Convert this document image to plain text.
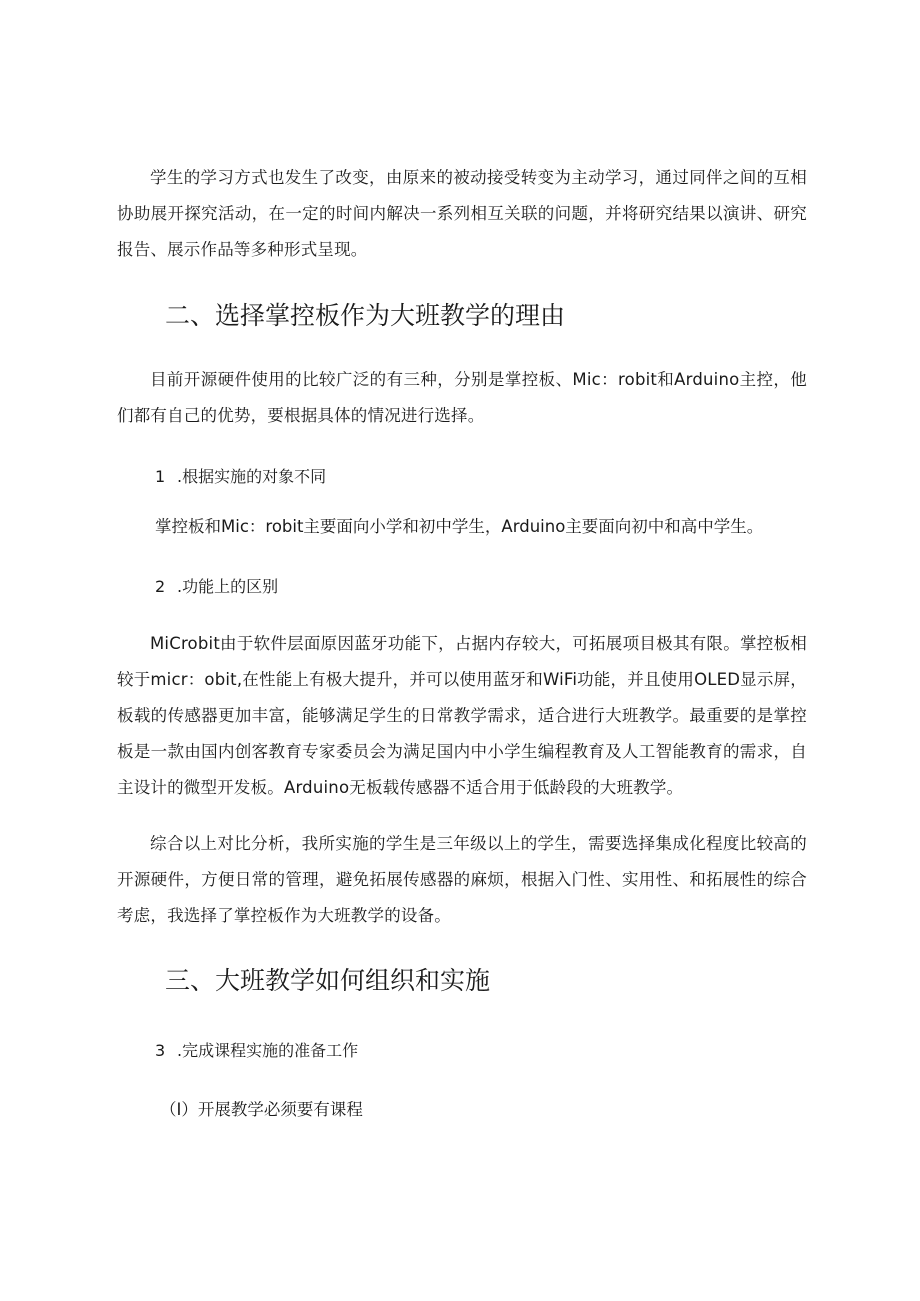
学生的学习方式也发生了改变，由原来的被动接受转变为主动学习，通过同伴之间的互相协助展开探究活动，在一定的时间内解决一系列相互关联的问题，并将研究结果以演讲、研究报告、展示作品等多种形式呈现。

二、选择掌控板作为大班教学的理由

目前开源硬件使用的比较广泛的有三种，分别是掌控板、Mic：robit和Arduino主控，他们都有自己的优势，要根据具体的情况进行选择。

1 .根据实施的对象不同

掌控板和Mic：robit主要面向小学和初中学生，Arduino主要面向初中和高中学生。

2 .功能上的区别

MiCrobit由于软件层面原因蓝牙功能下，占据内存较大，可拓展项目极其有限。掌控板相较于micr：obit,在性能上有极大提升，并可以使用蓝牙和WiFi功能，并且使用OLED显示屏，板载的传感器更加丰富，能够满足学生的日常教学需求，适合进行大班教学。最重要的是掌控板是一款由国内创客教育专家委员会为满足国内中小学生编程教育及人工智能教育的需求，自主设计的微型开发板。Arduino无板载传感器不适合用于低龄段的大班教学。

综合以上对比分析，我所实施的学生是三年级以上的学生，需要选择集成化程度比较高的开源硬件，方便日常的管理，避免拓展传感器的麻烦，根据入门性、实用性、和拓展性的综合考虑，我选择了掌控板作为大班教学的设备。

三、大班教学如何组织和实施

3 .完成课程实施的准备工作

（I）开展教学必须要有课程
